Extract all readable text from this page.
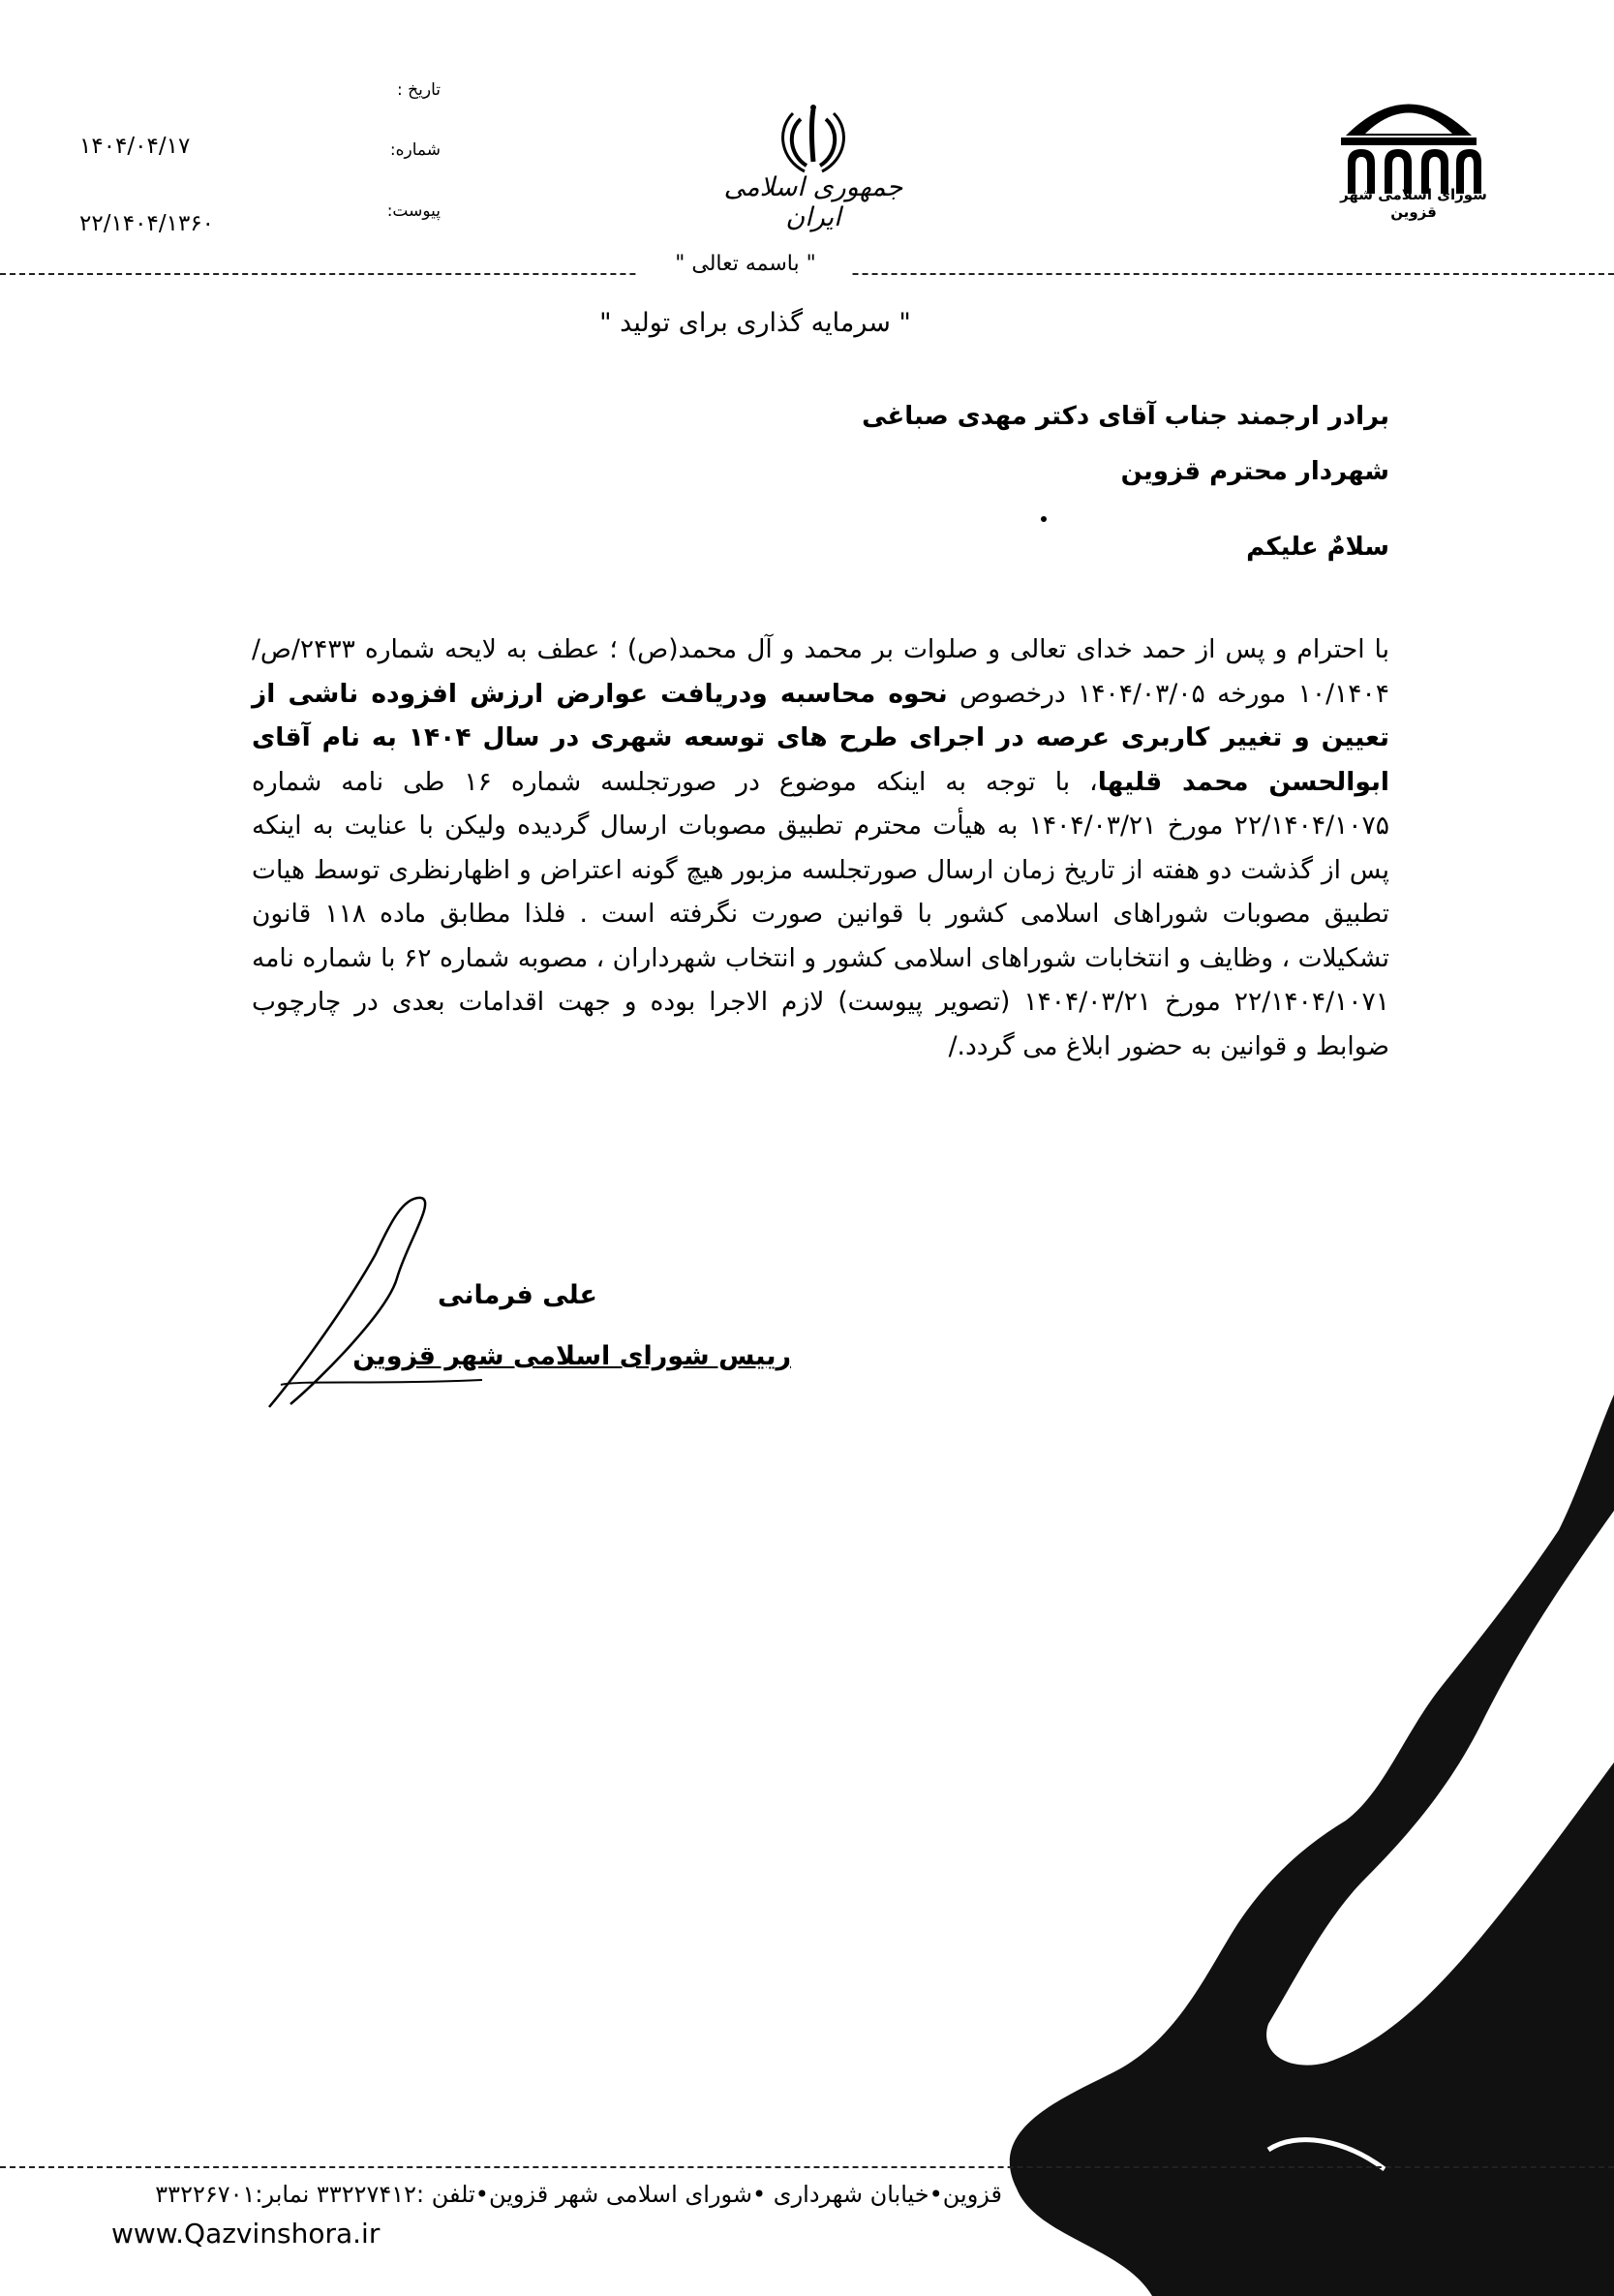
شورای اسلامی شهر قزوین
جمهوری اسلامی ایران
تاریخ :
شماره:
پیوست:
۱۴۰۴/۰۴/۱۷
۲۲/۱۴۰۴/۱۳۶۰
" باسمه تعالی "
" سرمایه گذاری برای تولید "
برادر ارجمند جناب آقای دکتر مهدی صباغی
شهردار محترم قزوین
سلامٌ علیکم
با احترام و پس از حمد خدای تعالی و صلوات بر محمد و آل محمد(ص) ؛ عطف به لایحه شماره ۲۴۳۳/ص/۱۰/۱۴۰۴ مورخه ۱۴۰۴/۰۳/۰۵ درخصوص نحوه محاسبه ودریافت عوارض ارزش افزوده ناشی از تعیین و تغییر کاربری عرصه در اجرای طرح های توسعه شهری در سال ۱۴۰۴ به نام آقای ابوالحسن محمد قلیها، با توجه به اینکه موضوع در صورتجلسه شماره ۱۶ طی نامه شماره ۲۲/۱۴۰۴/۱۰۷۵ مورخ ۱۴۰۴/۰۳/۲۱ به هیأت محترم تطبیق مصوبات ارسال گردیده ولیکن با عنایت به اینکه پس از گذشت دو هفته از تاریخ زمان ارسال صورتجلسه مزبور هیچ گونه اعتراض و اظهارنظری توسط هیات تطبیق مصوبات شوراهای اسلامی کشور با قوانین صورت نگرفته است . فلذا مطابق ماده ۱۱۸ قانون تشکیلات ، وظایف و انتخابات شوراهای اسلامی کشور و انتخاب شهرداران ، مصوبه شماره ۶۲ با شماره نامه ۲۲/۱۴۰۴/۱۰۷۱ مورخ ۱۴۰۴/۰۳/۲۱ (تصویر پیوست) لازم الاجرا بوده و جهت اقدامات بعدی در چارچوب ضوابط و قوانین به حضور ابلاغ می گردد./
علی فرمانی
رییس شورای اسلامی شهر قزوین
قزوین•خیابان شهرداری •شورای اسلامی شهر قزوین•تلفن :۳۳۲۲۷۴۱۲ نمابر:۳۳۲۲۶۷۰۱
www.Qazvinshora.ir
